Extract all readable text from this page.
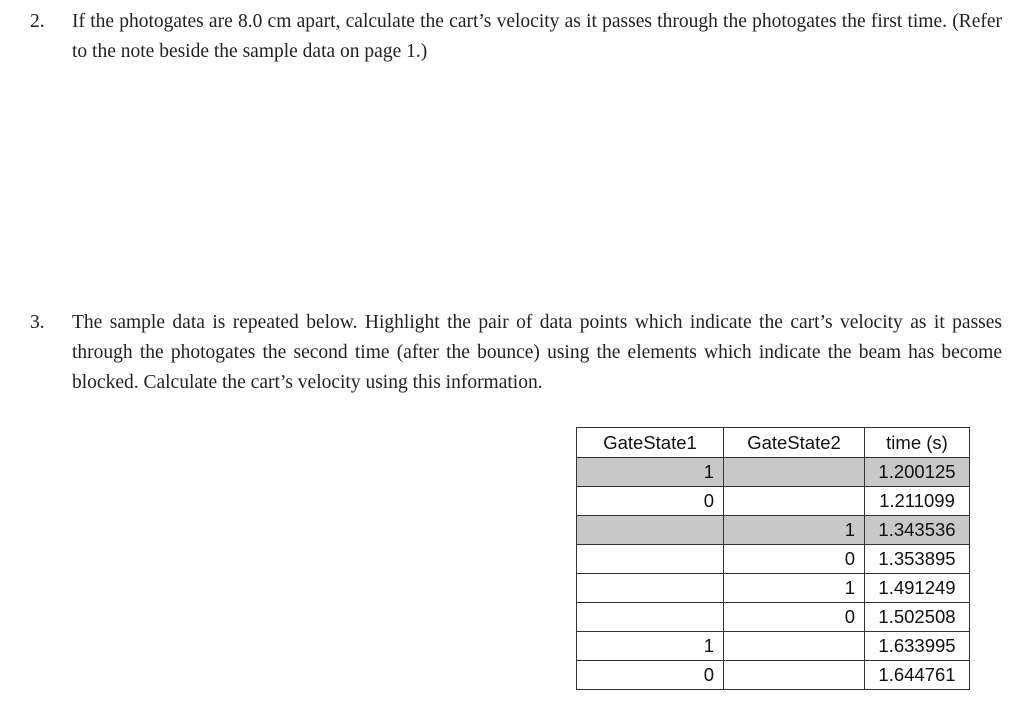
2.	If the photogates are 8.0 cm apart, calculate the cart’s velocity as it passes through the photogates the first time. (Refer to the note beside the sample data on page 1.)
3.	The sample data is repeated below. Highlight the pair of data points which indicate the cart’s velocity as it passes through the photogates the second time (after the bounce) using the elements which indicate the beam has become blocked. Calculate the cart’s velocity using this information.
GateState1	GateState2	time (s)
1		1.200125
0		1.211099
	1	1.343536
	0	1.353895
	1	1.491249
	0	1.502508
1		1.633995
0		1.644761
